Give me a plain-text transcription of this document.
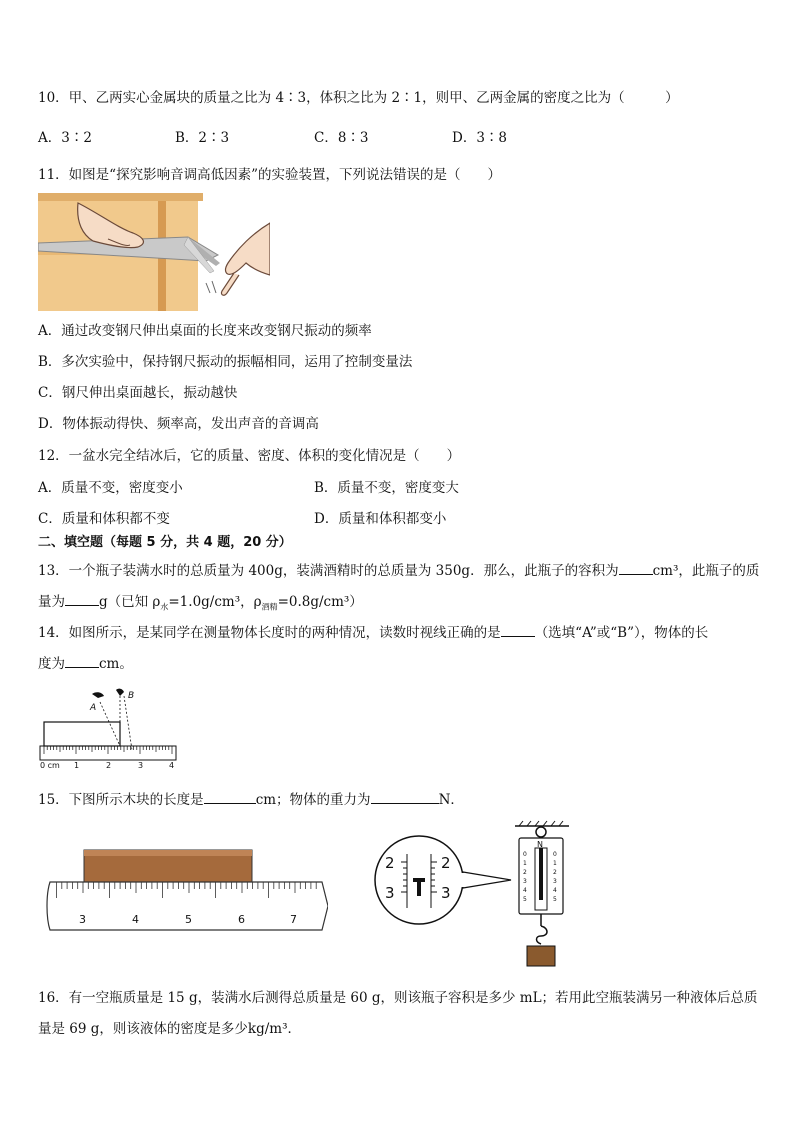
10．甲、乙两实心金属块的质量之比为 4∶3，体积之比为 2∶1，则甲、乙两金属的密度之比为（　　　）
A．3∶2	B．2∶3	C．8∶3	D．3∶8
11．如图是“探究影响音调高低因素”的实验装置，下列说法错误的是（　　）
A．通过改变钢尺伸出桌面的长度来改变钢尺振动的频率
B．多次实验中，保持钢尺振动的振幅相同，运用了控制变量法
C．钢尺伸出桌面越长，振动越快
D．物体振动得快、频率高，发出声音的音调高
12．一盆水完全结冰后，它的质量、密度、体积的变化情况是（　　）
A．质量不变，密度变小	B．质量不变，密度变大
C．质量和体积都不变	D．质量和体积都变小
二、填空题（每题 5 分，共 4 题，20 分）
13．一个瓶子装满水时的总质量为 400g，装满酒精时的总质量为 350g．那么，此瓶子的容积为	cm³，此瓶子的质
量为	g（已知 $\rho_水=1.0g$/cm³，$\rho_{酒精}=0.8g/cm^3$）
14．如图所示，是某同学在测量物体长度时的两种情况，读数时视线正确的是	（选填“A”或“B”），物体的长
度为	cm。
0 cm 1	2	3	4
A
B
15．下图所示木块的长度是	cm；物体的重力为	N．
3	4	5	6	7
2
3
2
3
N
0
1
2
3
4
5
0
1
2
3
4
5
16．有一空瓶质量是 15 g，装满水后测得总质量是 60 g，则该瓶子容积是多少 mL；若用此空瓶装满另一种液体后总质
量是 69 g，则该液体的密度是多少kg/m³．
